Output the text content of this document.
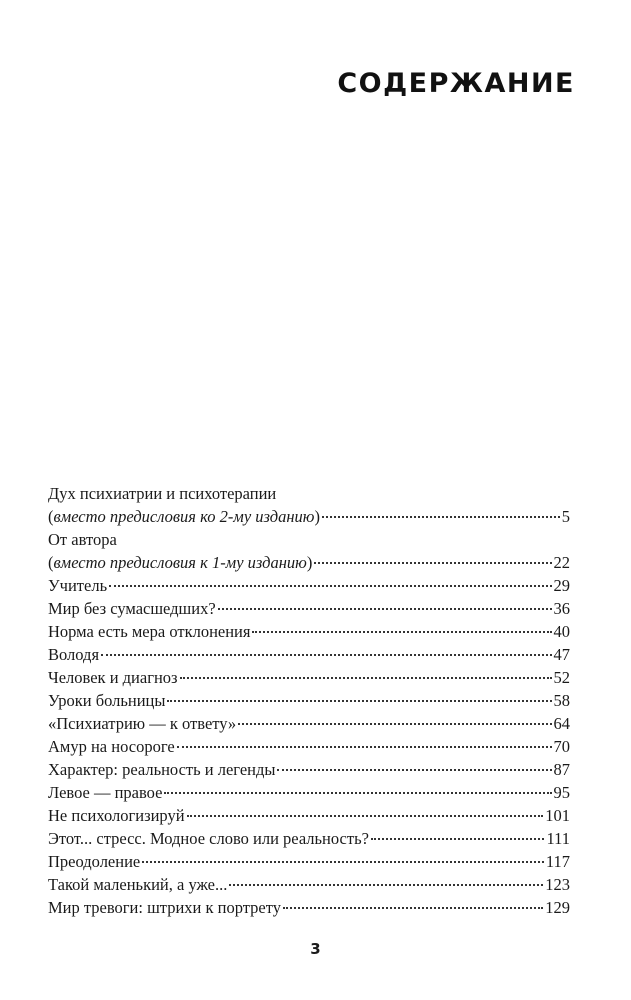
СОДЕРЖАНИЕ
Дух психиатрии и психотерапии
(вместо предисловия ко 2-му изданию)	5
От автора
(вместо предисловия к 1-му изданию)	22
Учитель	29
Мир без сумасшедших?	36
Норма есть мера отклонения	40
Володя	47
Человек и диагноз	52
Уроки больницы	58
«Психиатрию — к ответу»	64
Амур на носороге	70
Характер: реальность и легенды	87
Левое — правое	95
Не психологизируй	101
Этот... стресс. Модное слово или реальность?	111
Преодоление	117
Такой маленький, а уже...	123
Мир тревоги: штрихи к портрету	129
3
